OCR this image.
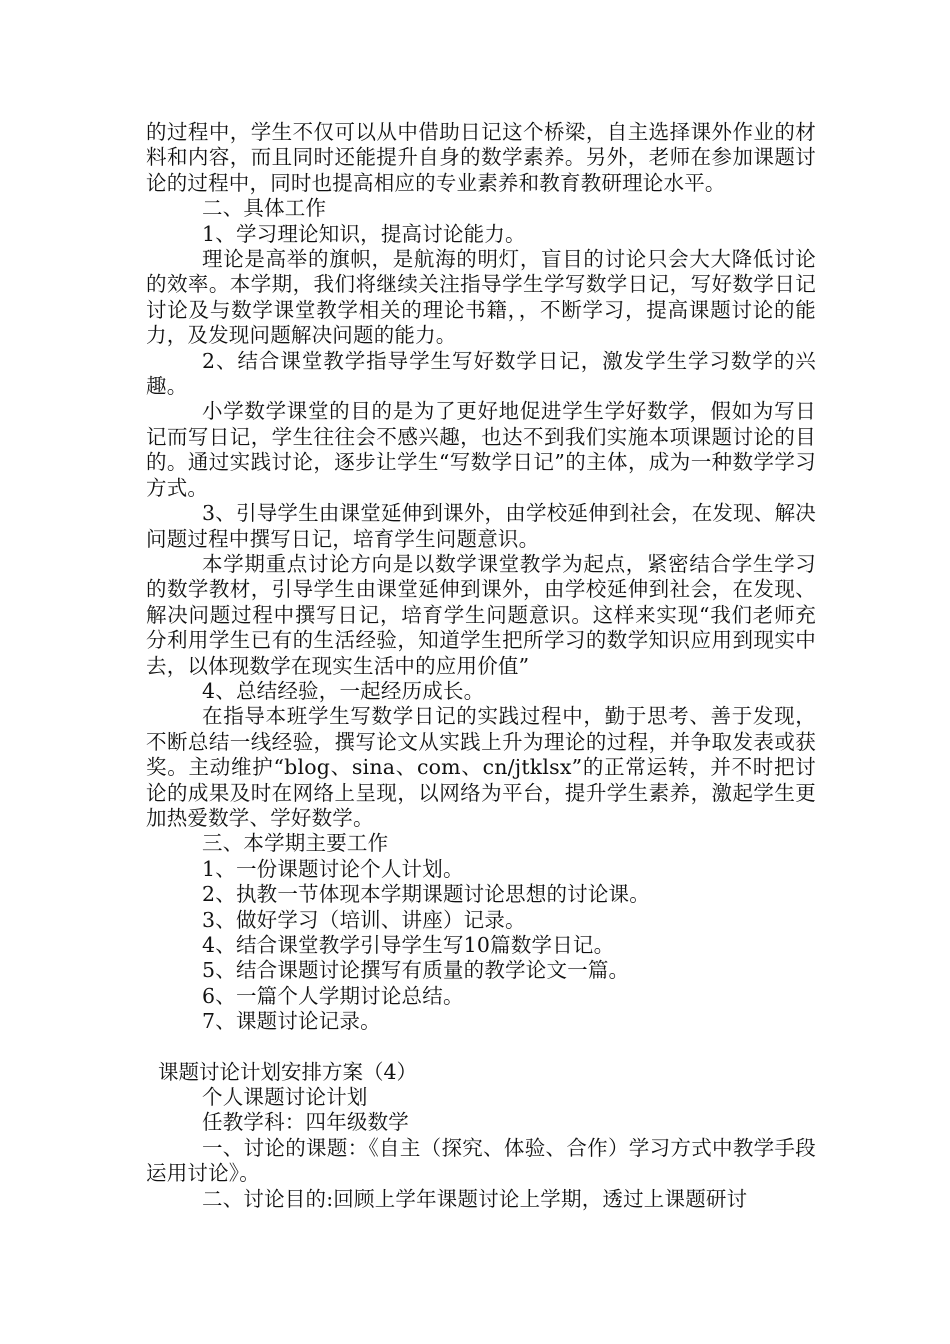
的过程中，学生不仅可以从中借助日记这个桥梁，自主选择课外作业的材料和内容，而且同时还能提升自身的数学素养。另外，老师在参加课题讨论的过程中，同时也提高相应的专业素养和教育教研理论水平。

二、具体工作

1、学习理论知识，提高讨论能力。

理论是高举的旗帜，是航海的明灯，盲目的讨论只会大大降低讨论的效率。本学期，我们将继续关注指导学生学写数学日记，写好数学日记讨论及与数学课堂教学相关的理论书籍，，不断学习，提高课题讨论的能力，及发现问题解决问题的能力。

2、结合课堂教学指导学生写好数学日记，激发学生学习数学的兴趣。

小学数学课堂的目的是为了更好地促进学生学好数学，假如为写日记而写日记，学生往往会不感兴趣，也达不到我们实施本项课题讨论的目的。通过实践讨论，逐步让学生“写数学日记”的主体，成为一种数学学习方式。

3、引导学生由课堂延伸到课外，由学校延伸到社会，在发现、解决问题过程中撰写日记，培育学生问题意识。

本学期重点讨论方向是以数学课堂教学为起点，紧密结合学生学习的数学教材，引导学生由课堂延伸到课外，由学校延伸到社会，在发现、解决问题过程中撰写日记，培育学生问题意识。这样来实现“我们老师充分利用学生已有的生活经验，知道学生把所学习的数学知识应用到现实中去，以体现数学在现实生活中的应用价值”

4、总结经验，一起经历成长。

在指导本班学生写数学日记的实践过程中，勤于思考、善于发现，不断总结一线经验，撰写论文从实践上升为理论的过程，并争取发表或获奖。主动维护“blog、sina、com、cn/jtklsx”的正常运转，并不时把讨论的成果及时在网络上呈现，以网络为平台，提升学生素养，激起学生更加热爱数学、学好数学。

三、本学期主要工作

1、一份课题讨论个人计划。

2、执教一节体现本学期课题讨论思想的讨论课。

3、做好学习（培训、讲座）记录。

4、结合课堂教学引导学生写10篇数学日记。

5、结合课题讨论撰写有质量的教学论文一篇。

6、一篇个人学期讨论总结。

7、课题讨论记录。

课题讨论计划安排方案（4）

个人课题讨论计划

任教学科：四年级数学

一、讨论的课题：《自主（探究、体验、合作）学习方式中教学手段运用讨论》。

二、讨论目的:回顾上学年课题讨论上学期，透过上课题研讨
